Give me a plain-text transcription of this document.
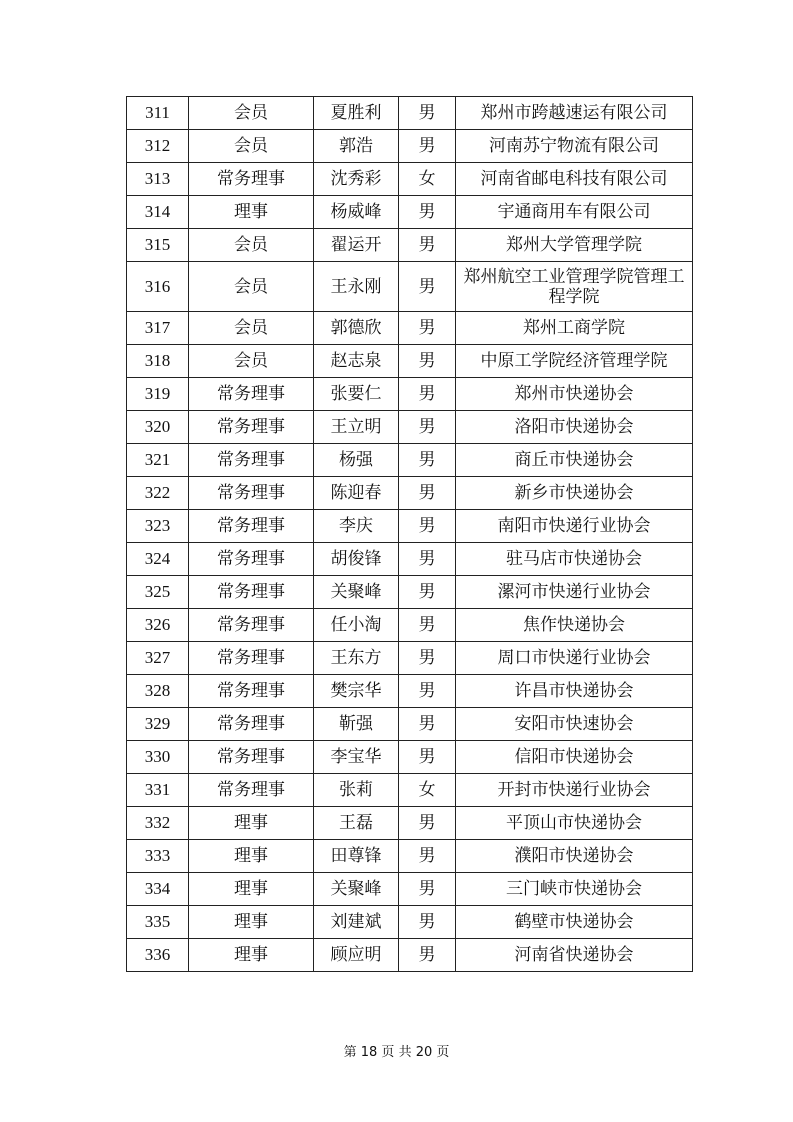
311	会员	夏胜利	男	郑州市跨越速运有限公司
312	会员	郭浩	男	河南苏宁物流有限公司
313	常务理事	沈秀彩	女	河南省邮电科技有限公司
314	理事	杨威峰	男	宇通商用车有限公司
315	会员	翟运开	男	郑州大学管理学院
316	会员	王永刚	男	郑州航空工业管理学院管理工程学院
317	会员	郭德欣	男	郑州工商学院
318	会员	赵志泉	男	中原工学院经济管理学院
319	常务理事	张要仁	男	郑州市快递协会
320	常务理事	王立明	男	洛阳市快递协会
321	常务理事	杨强	男	商丘市快递协会
322	常务理事	陈迎春	男	新乡市快递协会
323	常务理事	李庆	男	南阳市快递行业协会
324	常务理事	胡俊锋	男	驻马店市快递协会
325	常务理事	关聚峰	男	漯河市快递行业协会
326	常务理事	任小淘	男	焦作快递协会
327	常务理事	王东方	男	周口市快递行业协会
328	常务理事	樊宗华	男	许昌市快递协会
329	常务理事	靳强	男	安阳市快速协会
330	常务理事	李宝华	男	信阳市快递协会
331	常务理事	张莉	女	开封市快递行业协会
332	理事	王磊	男	平顶山市快递协会
333	理事	田尊锋	男	濮阳市快递协会
334	理事	关聚峰	男	三门峡市快递协会
335	理事	刘建斌	男	鹤壁市快递协会
336	理事	顾应明	男	河南省快递协会
第 18 页 共 20 页
